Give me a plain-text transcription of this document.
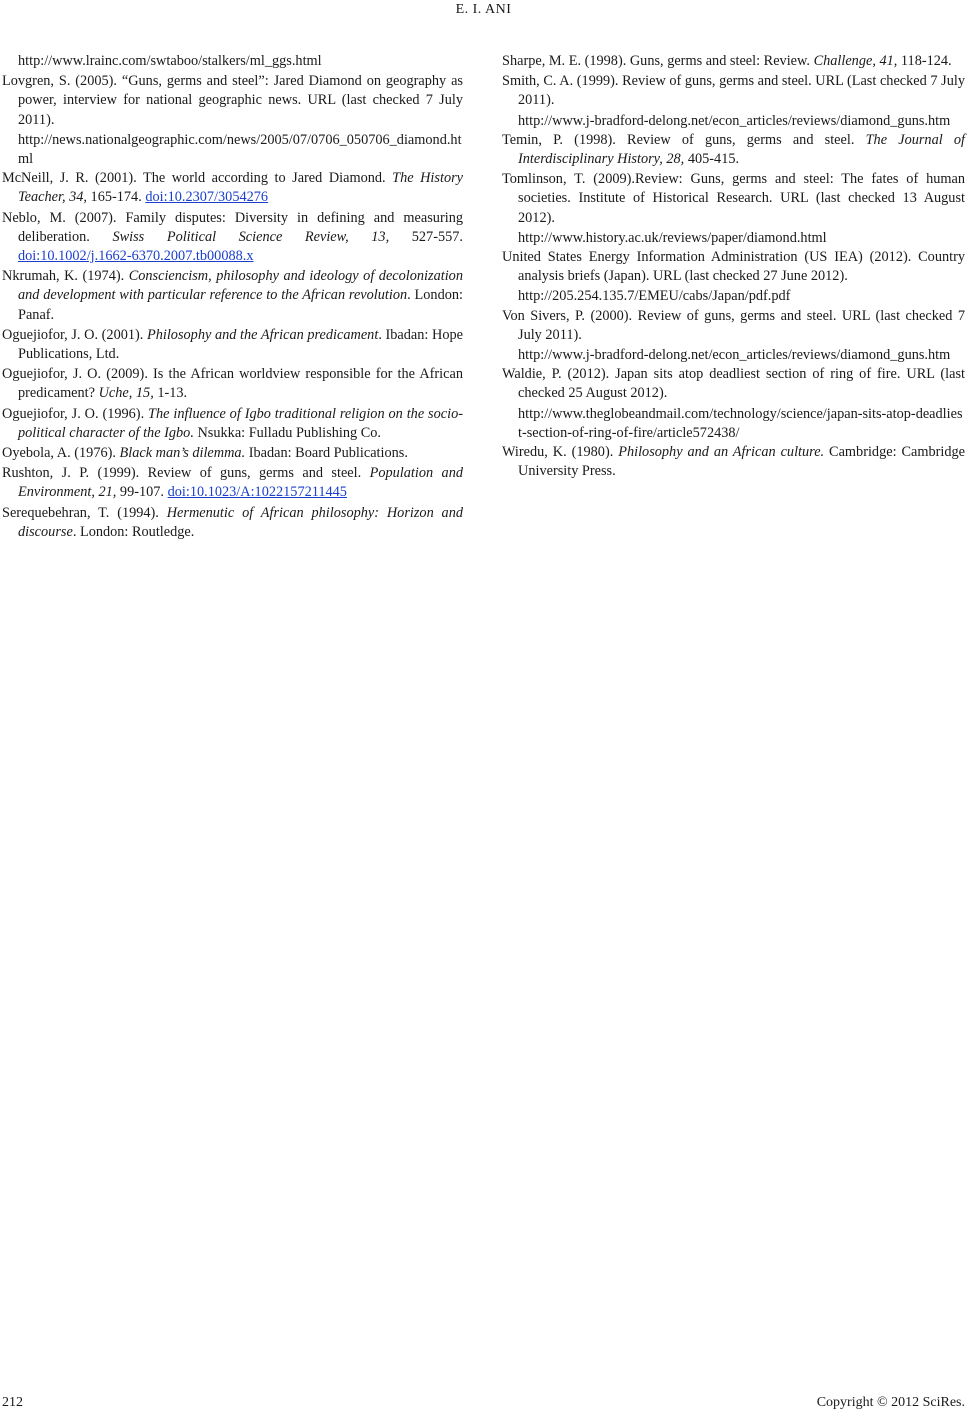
E. I. ANI

http://www.lrainc.com/swtaboo/stalkers/ml_ggs.html

Lovgren, S. (2005). “Guns, germs and steel”: Jared Diamond on geography as power, interview for national geographic news. URL (last checked 7 July 2011).

http://news.nationalgeographic.com/news/2005/07/0706_050706_diamond.html

McNeill, J. R. (2001). The world according to Jared Diamond. The History Teacher, 34, 165-174. doi:10.2307/3054276

Neblo, M. (2007). Family disputes: Diversity in defining and measuring deliberation. Swiss Political Science Review, 13, 527-557. doi:10.1002/j.1662-6370.2007.tb00088.x

Nkrumah, K. (1974). Consciencism, philosophy and ideology of decolonization and development with particular reference to the African revolution. London: Panaf.

Oguejiofor, J. O. (2001). Philosophy and the African predicament. Ibadan: Hope Publications, Ltd.

Oguejiofor, J. O. (2009). Is the African worldview responsible for the African predicament? Uche, 15, 1-13.

Oguejiofor, J. O. (1996). The influence of Igbo traditional religion on the socio-political character of the Igbo. Nsukka: Fulladu Publishing Co.

Oyebola, A. (1976). Black man’s dilemma. Ibadan: Board Publications.

Rushton, J. P. (1999). Review of guns, germs and steel. Population and Environment, 21, 99-107. doi:10.1023/A:1022157211445

Serequebehran, T. (1994). Hermenutic of African philosophy: Horizon and discourse. London: Routledge.

Sharpe, M. E. (1998). Guns, germs and steel: Review. Challenge, 41, 118-124.

Smith, C. A. (1999). Review of guns, germs and steel. URL (Last checked 7 July 2011).

http://www.j-bradford-delong.net/econ_articles/reviews/diamond_guns.htm

Temin, P. (1998). Review of guns, germs and steel. The Journal of Interdisciplinary History, 28, 405-415.

Tomlinson, T. (2009).Review: Guns, germs and steel: The fates of human societies. Institute of Historical Research. URL (last checked 13 August 2012).

http://www.history.ac.uk/reviews/paper/diamond.html

United States Energy Information Administration (US IEA) (2012). Country analysis briefs (Japan). URL (last checked 27 June 2012).

http://205.254.135.7/EMEU/cabs/Japan/pdf.pdf

Von Sivers, P. (2000). Review of guns, germs and steel. URL (last checked 7 July 2011).

http://www.j-bradford-delong.net/econ_articles/reviews/diamond_guns.htm

Waldie, P. (2012). Japan sits atop deadliest section of ring of fire. URL (last checked 25 August 2012).

http://www.theglobeandmail.com/technology/science/japan-sits-atop-deadliest-section-of-ring-of-fire/article572438/

Wiredu, K. (1980). Philosophy and an African culture. Cambridge: Cambridge University Press.

212	Copyright © 2012 SciRes.
